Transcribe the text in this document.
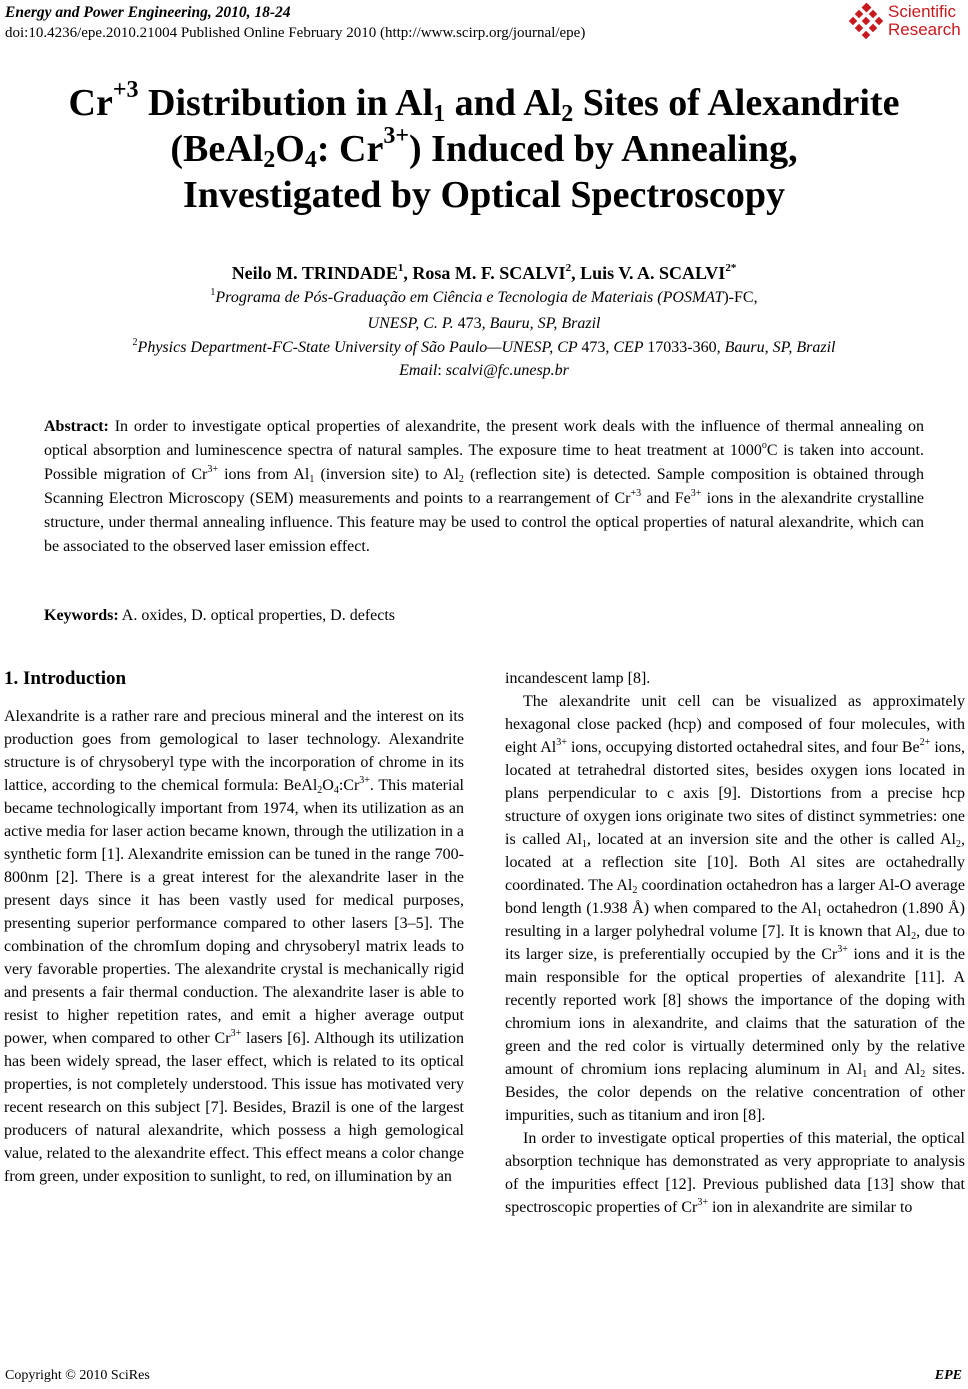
Energy and Power Engineering, 2010, 18-24
doi:10.4236/epe.2010.21004 Published Online February 2010 (http://www.scirp.org/journal/epe)
Scientific
Research
$Cr^{+3}$ Distribution in $Al_1$ and $Al_2$ Sites of Alexandrite
($BeAl_2O_4$: $Cr^{3+}$) Induced by Annealing,
Investigated by Optical Spectroscopy
Neilo M. TRINDADE$^1$, Rosa M. F. SCALVI$^2$, Luis V. A. $SCALVI^{2*}$
$^1$Programa de Pós-Graduação em Ciência e Tecnologia de Materiais (POSMAT)-FC,
UNESP, C. P. 473, Bauru, SP, Brazil
$^2$Physics Department-FC-State University of São Paulo—UNESP, CP 473, CEP 17033-360, Bauru, SP, Brazil
Email: scalvi@fc.unesp.br
Abstract: In order to investigate optical properties of alexandrite, the present work deals with the influence of thermal annealing on optical absorption and luminescence spectra of natural samples. The exposure time to heat treatment at 1000$^o$C is taken into account. Possible migration of $Cr^{3+}$ ions from $Al_1$ (inversion site) to $Al_2$ (reflection site) is detected. Sample composition is obtained through Scanning Electron Microscopy (SEM) measurements and points to a rearrangement of $Cr^{+3}$ and $Fe^{3+}$ ions in the alexandrite crystalline structure, under thermal annealing influence. This feature may be used to control the optical properties of natural alexandrite, which can be associated to the observed laser emission effect.
Keywords: A. oxides, D. optical properties, D. defects
1. Introduction

Alexandrite is a rather rare and precious mineral and the interest on its production goes from gemological to laser technology. Alexandrite structure is of chrysoberyl type with the incorporation of chrome in its lattice, according to the chemical formula: $BeAl_2O_4:Cr^{3+}$. This material became technologically important from 1974, when its utilization as an active media for laser action became known, through the utilization in a synthetic form [1]. Alexandrite emission can be tuned in the range 700-800nm [2]. There is a great interest for the alexandrite laser in the present days since it has been vastly used for medical purposes, presenting superior performance compared to other lasers [3–5]. The combination of the chromIum doping and chrysoberyl matrix leads to very favorable properties. The alexandrite crystal is mechanically rigid and presents a fair thermal conduction. The alexandrite laser is able to resist to higher repetition rates, and emit a higher average output power, when compared to other $Cr^{3+}$ lasers [6]. Although its utilization has been widely spread, the laser effect, which is related to its optical properties, is not completely understood. This issue has motivated very recent research on this subject [7]. Besides, Brazil is one of the largest producers of natural alexandrite, which possess a high gemological value, related to the alexandrite effect. This effect means a color change from green, under exposition to sunlight, to red, on illumination by an

incandescent lamp [8].

The alexandrite unit cell can be visualized as approximately hexagonal close packed (hcp) and composed of four molecules, with eight $Al^{3+}$ ions, occupying distorted octahedral sites, and four $Be^{2+}$ ions, located at tetrahedral distorted sites, besides oxygen ions located in plans perpendicular to c axis [9]. Distortions from a precise hcp structure of oxygen ions originate two sites of distinct symmetries: one is called $Al_1$, located at an inversion site and the other is called $Al_2$, located at a reflection site [10]. Both Al sites are octahedrally coordinated. The $Al_2$ coordination octahedron has a larger Al-O average bond length (1.938 Å) when compared to the $Al_1$ octahedron (1.890 Å) resulting in a larger polyhedral volume [7]. It is known that $Al_2$, due to its larger size, is preferentially occupied by the $Cr^{3+}$ ions and it is the main responsible for the optical properties of alexandrite [11]. A recently reported work [8] shows the importance of the doping with chromium ions in alexandrite, and claims that the saturation of the green and the red color is virtually determined only by the relative amount of chromium ions replacing aluminum in $Al_1$ and $Al_2$ sites. Besides, the color depends on the relative concentration of other impurities, such as titanium and iron [8].

In order to investigate optical properties of this material, the optical absorption technique has demonstrated as very appropriate to analysis of the impurities effect [12]. Previous published data [13] show that spectroscopic properties of $Cr^{3+}$ ion in alexandrite are similar to

Copyright © 2010 SciRes	EPE
